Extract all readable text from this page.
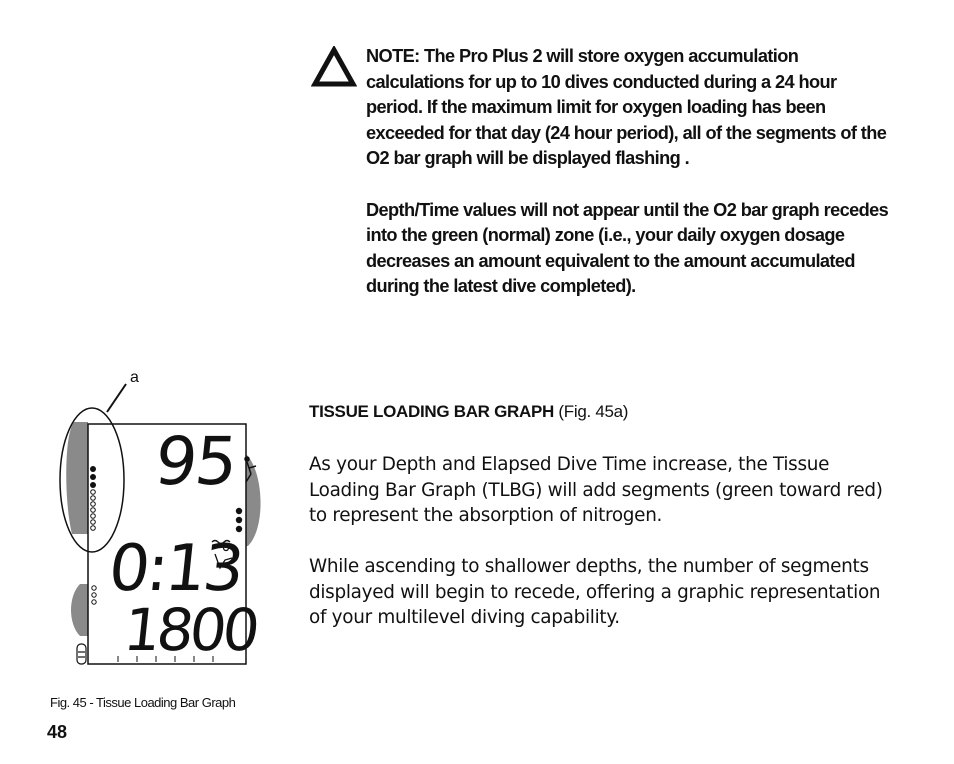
NOTE: The Pro Plus 2 will store oxygen accumulation calculations for up to 10 dives conducted during a 24 hour period. If the maximum limit for oxygen loading has been exceeded for that day (24 hour period), all of the segments of the O2 bar graph will be displayed flashing .

Depth/Time values will not appear until the O2 bar graph recedes into the green (normal) zone (i.e., your daily oxygen dosage decreases an amount equivalent to the amount accumulated during the latest dive completed).

TISSUE LOADING BAR GRAPH (Fig. 45a)

As your Depth and Elapsed Dive Time increase, the Tissue Loading Bar Graph (TLBG) will add segments (green toward red) to represent the absorption of nitrogen.

While ascending to shallower depths, the number of segments displayed will begin to recede, offering a graphic representation of your multilevel diving capability.

a
95
0:13
1800
Fig. 45 - Tissue Loading Bar Graph
48
